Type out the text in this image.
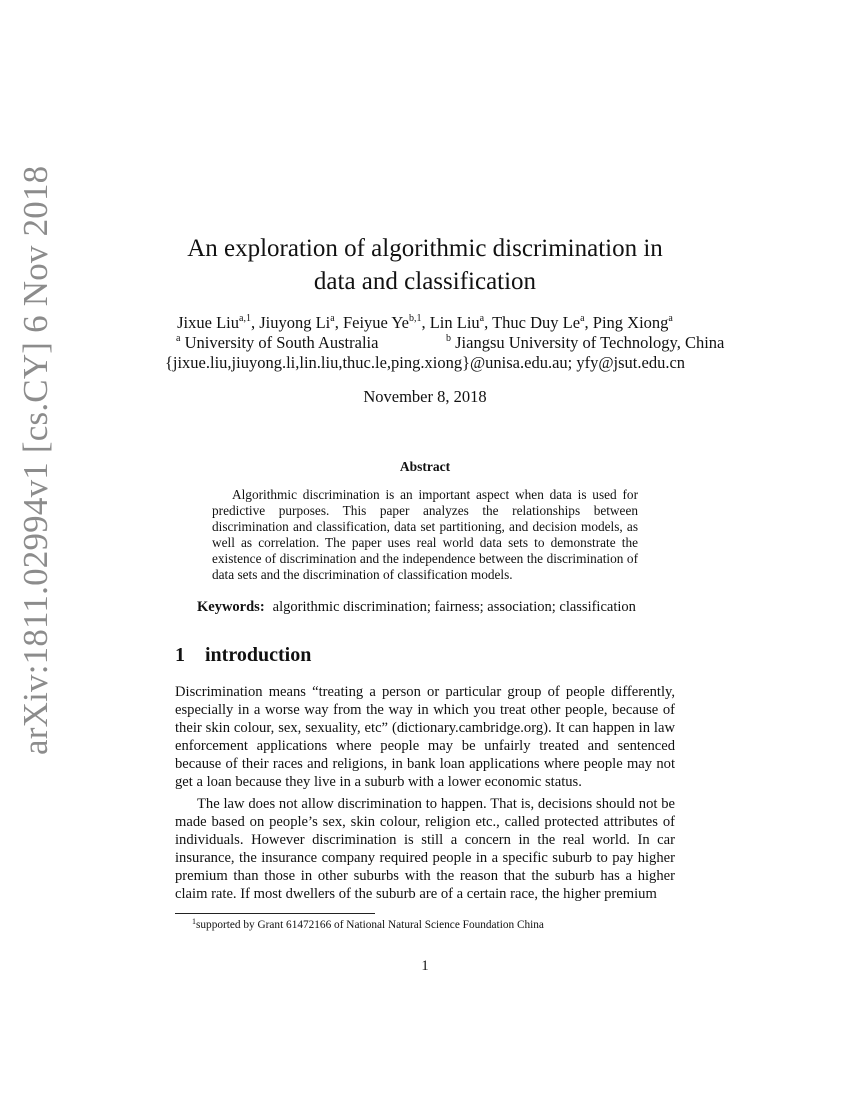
arXiv:1811.02994v1 [cs.CY] 6 Nov 2018	An exploration of algorithmic discrimination in
data and classification
Jixue Liu$^{a,1}$, Jiuyong Li$^a$, Feiyue Ye$^{b,1}$, Lin Liu$^a$, Thuc Duy Le$^a$, Ping Xiong$^a$
$^a$ University of South Australia	$^b$ Jiangsu University of Technology, China
{jixue.liu,jiuyong.li,lin.liu,thuc.le,ping.xiong}@unisa.edu.au; yfy@jsut.edu.cn
November 8, 2018
Abstract

Algorithmic discrimination is an important aspect when data is used for predictive purposes. This paper analyzes the relationships between discrimination and classification, data set partitioning, and decision models, as well as correlation. The paper uses real world data sets to demonstrate the existence of discrimination and the independence between the discrimination of data sets and the discrimination of classification models.

Keywords: algorithmic discrimination; fairness; association; classification
1 introduction

Discrimination means “treating a person or particular group of people differently, especially in a worse way from the way in which you treat other people, because of their skin colour, sex, sexuality, etc” (dictionary.cambridge.org). It can happen in law enforcement applications where people may be unfairly treated and sentenced because of their races and religions, in bank loan applications where people may not get a loan because they live in a suburb with a lower economic status.

The law does not allow discrimination to happen. That is, decisions should not be made based on people’s sex, skin colour, religion etc., called protected attributes of individuals. However discrimination is still a concern in the real world. In car insurance, the insurance company required people in a specific suburb to pay higher premium than those in other suburbs with the reason that the suburb has a higher claim rate. If most dwellers of the suburb are of a certain race, the higher premium

$^1$supported by Grant 61472166 of National Natural Science Foundation China
1
